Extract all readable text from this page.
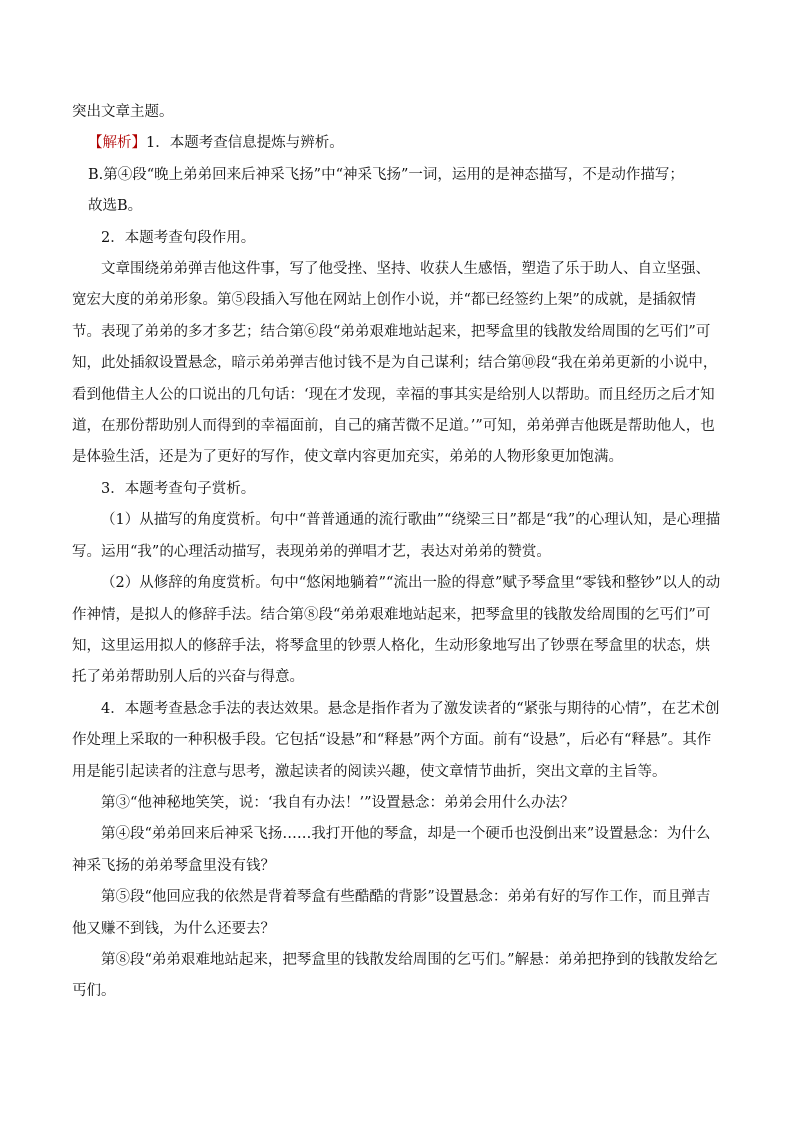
突出文章主题。

【解析】1．本题考查信息提炼与辨析。

B.第④段“晚上弟弟回来后神采飞扬”中“神采飞扬”一词，运用的是神态描写，不是动作描写；

故选B。

2．本题考查句段作用。

文章围绕弟弟弹吉他这件事，写了他受挫、坚持、收获人生感悟，塑造了乐于助人、自立坚强、宽宏大度的弟弟形象。第⑤段插入写他在网站上创作小说，并“都已经签约上架”的成就，是插叙情节。表现了弟弟的多才多艺；结合第⑥段“弟弟艰难地站起来，把琴盒里的钱散发给周围的乞丐们”可知，此处插叙设置悬念，暗示弟弟弹吉他讨钱不是为自己谋利；结合第⑩段“我在弟弟更新的小说中，看到他借主人公的口说出的几句话：‘现在才发现，幸福的事其实是给别人以帮助。而且经历之后才知道，在那份帮助别人而得到的幸福面前，自己的痛苦微不足道。’”可知，弟弟弹吉他既是帮助他人，也是体验生活，还是为了更好的写作，使文章内容更加充实，弟弟的人物形象更加饱满。

3．本题考查句子赏析。

（1）从描写的角度赏析。句中“普普通通的流行歌曲”“绕梁三日”都是“我”的心理认知，是心理描写。运用“我”的心理活动描写，表现弟弟的弹唱才艺，表达对弟弟的赞赏。

（2）从修辞的角度赏析。句中“悠闲地躺着”“流出一脸的得意”赋予琴盒里“零钱和整钞”以人的动作神情，是拟人的修辞手法。结合第⑧段“弟弟艰难地站起来，把琴盒里的钱散发给周围的乞丐们”可知，这里运用拟人的修辞手法，将琴盒里的钞票人格化，生动形象地写出了钞票在琴盒里的状态，烘托了弟弟帮助别人后的兴奋与得意。

4．本题考查悬念手法的表达效果。悬念是指作者为了激发读者的“紧张与期待的心情”，在艺术创作处理上采取的一种积极手段。它包括“设悬”和“释悬”两个方面。前有“设悬”，后必有“释悬”。其作用是能引起读者的注意与思考，激起读者的阅读兴趣，使文章情节曲折，突出文章的主旨等。

第③“他神秘地笑笑，说：‘我自有办法！’”设置悬念：弟弟会用什么办法？

第④段“弟弟回来后神采飞扬……我打开他的琴盒，却是一个硬币也没倒出来”设置悬念：为什么神采飞扬的弟弟琴盒里没有钱？

第⑤段“他回应我的依然是背着琴盒有些酷酷的背影”设置悬念：弟弟有好的写作工作，而且弹吉他又赚不到钱，为什么还要去？

第⑧段“弟弟艰难地站起来，把琴盒里的钱散发给周围的乞丐们。”解悬：弟弟把挣到的钱散发给乞丐们。
